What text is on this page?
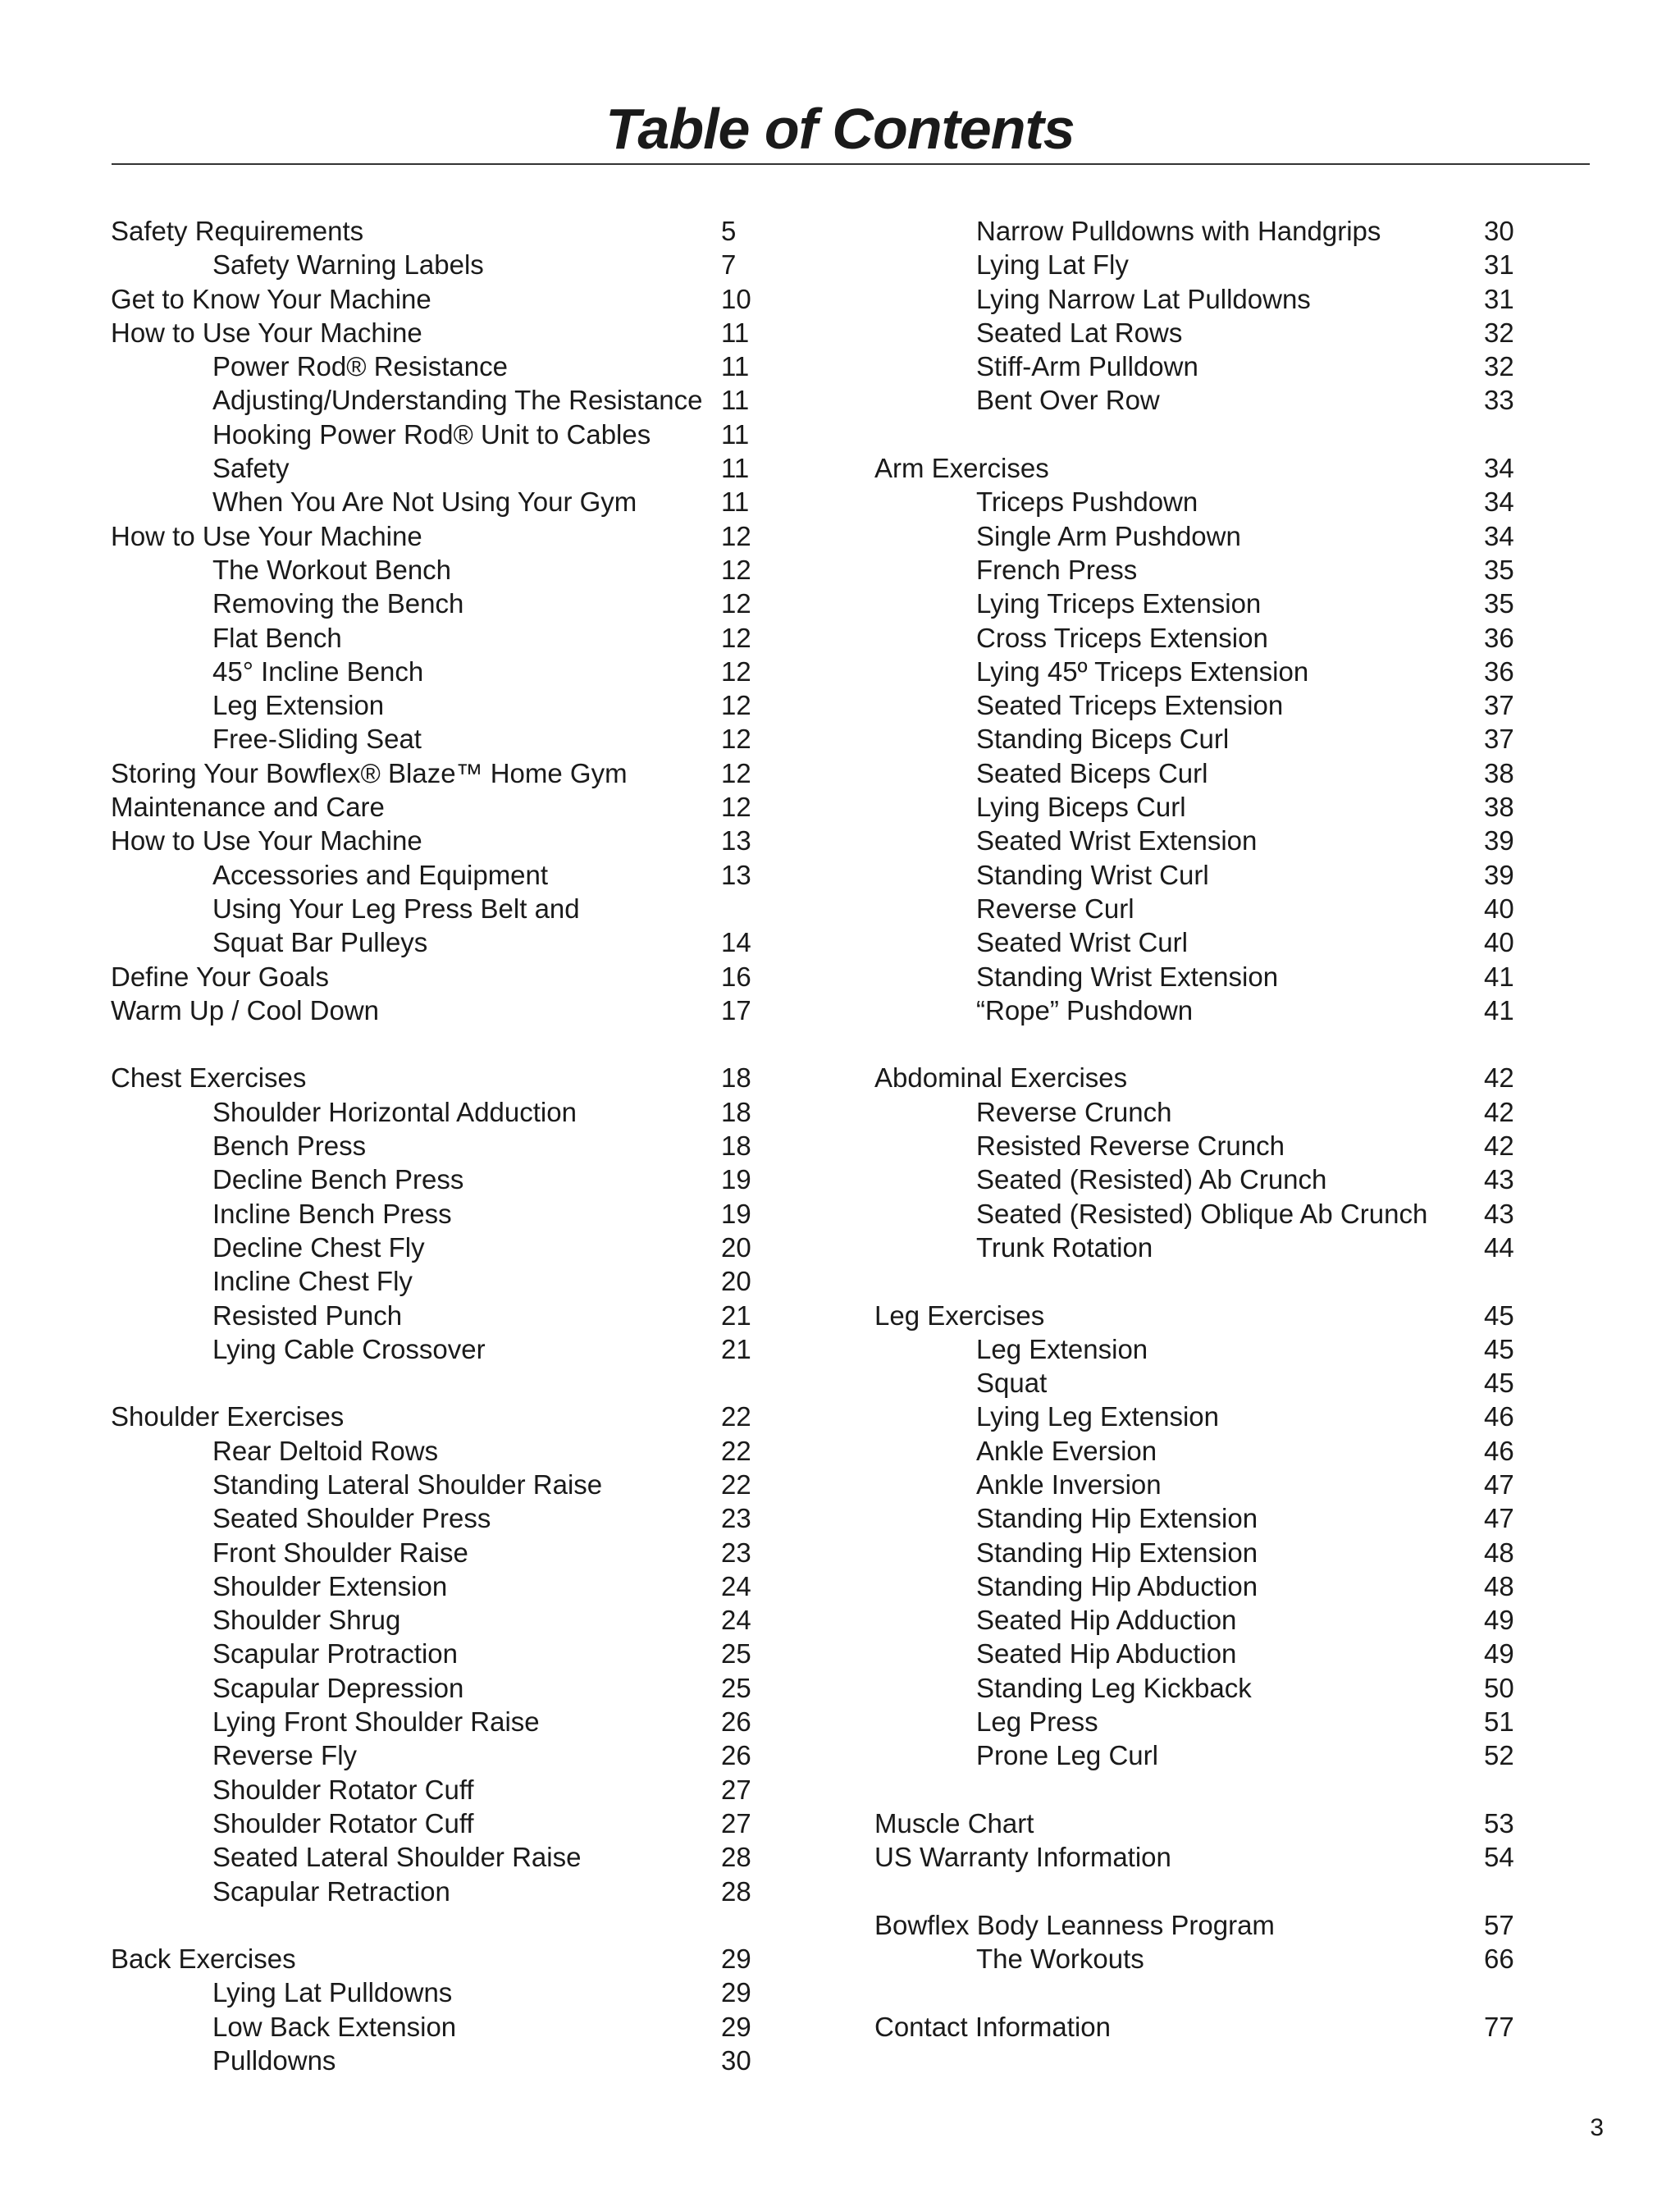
Table of Contents
Safety Requirements	5
Safety Warning Labels	7
Get to Know Your Machine	10
How to Use Your Machine	11
Power Rod® Resistance	11
Adjusting/Understanding The Resistance 11
Hooking Power Rod® Unit to Cables	11
Safety	11
When You Are Not Using Your Gym	11
How to Use Your Machine	12
The Workout Bench	12
Removing the Bench	12
Flat Bench	12
45° Incline Bench	12
Leg Extension	12
Free-Sliding Seat	12
Storing Your Bowflex® Blaze™ Home Gym	12
Maintenance and Care	12
How to Use Your Machine	13
Accessories and Equipment	13
Using Your Leg Press Belt and
Squat Bar Pulleys	14
Define Your Goals	16
Warm Up / Cool Down	17
Chest Exercises	18
Shoulder Horizontal Adduction	18
Bench Press	18
Decline Bench Press	19
Incline Bench Press	19
Decline Chest Fly	20
Incline Chest Fly	20
Resisted Punch	21
Lying Cable Crossover	21
Shoulder Exercises	22
Rear Deltoid Rows	22
Standing Lateral Shoulder Raise	22
Seated Shoulder Press	23
Front Shoulder Raise	23
Shoulder Extension	24
Shoulder Shrug	24
Scapular Protraction	25
Scapular Depression	25
Lying Front Shoulder Raise	26
Reverse Fly	26
Shoulder Rotator Cuff	27
Shoulder Rotator Cuff	27
Seated Lateral Shoulder Raise	28
Scapular Retraction	28
Back Exercises	29
Lying Lat Pulldowns	29
Low Back Extension	29
Pulldowns	30
Narrow Pulldowns with Handgrips	30
Lying Lat Fly	31
Lying Narrow Lat Pulldowns	31
Seated Lat Rows	32
Stiff-Arm Pulldown	32
Bent Over Row	33
Arm Exercises	34
Triceps Pushdown	34
Single Arm Pushdown	34
French Press	35
Lying Triceps Extension	35
Cross Triceps Extension	36
Lying 45º Triceps Extension	36
Seated Triceps Extension	37
Standing Biceps Curl	37
Seated Biceps Curl	38
Lying Biceps Curl	38
Seated Wrist Extension	39
Standing Wrist Curl	39
Reverse Curl	40
Seated Wrist Curl	40
Standing Wrist Extension	41
“Rope” Pushdown	41
Abdominal Exercises	42
Reverse Crunch	42
Resisted Reverse Crunch	42
Seated (Resisted) Ab Crunch	43
Seated (Resisted) Oblique Ab Crunch 43
Trunk Rotation	44
Leg Exercises	45
Leg Extension	45
Squat	45
Lying Leg Extension	46
Ankle Eversion	46
Ankle Inversion	47
Standing Hip Extension	47
Standing Hip Extension	48
Standing Hip Abduction	48
Seated Hip Adduction	49
Seated Hip Abduction	49
Standing Leg Kickback	50
Leg Press	51
Prone Leg Curl	52
Muscle Chart	53
US Warranty Information	54
Bowflex Body Leanness Program	57
The Workouts	66
Contact Information	77
3
